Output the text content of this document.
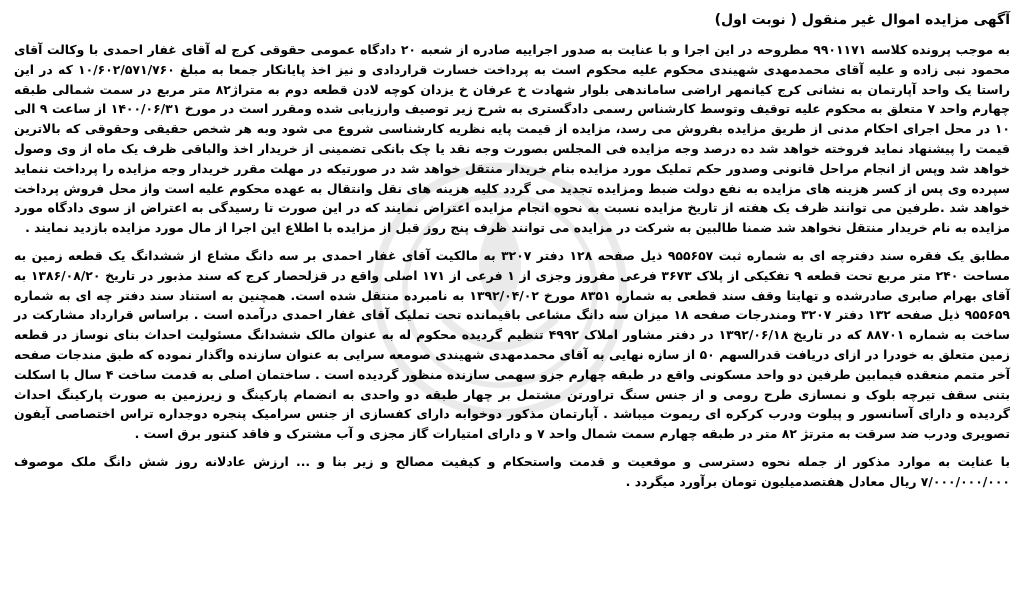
آگهی مزایده اموال غیر منقول ( نوبت اول)

به موجب پرونده کلاسه ۹۹۰۱۱۷۱ مطروحه در این اجرا و با عنایت به صدور اجراییه صادره از شعبه ۲۰ دادگاه عمومی حقوقی کرج له آقای غفار احمدی با وکالت آقای محمود نبی زاده و علیه آقای محمدمهدی شهیندی محکوم علیه محکوم است به پرداخت خسارت قراردادی و نیز اخذ پایانکار جمعا به مبلغ ۱۰/۶۰۲/۵۷۱/۷۶۰ که در این راستا یک واحد آپارتمان به نشانی کرج کیانمهر اراضی ساماندهی بلوار شهادت خ عرفان خ یزدان کوچه لادن قطعه دوم به متراژ۸۲ متر مربع در سمت شمالی طبقه چهارم واحد ۷ متعلق به محکوم علیه توقیف وتوسط کارشناس رسمی دادگستری به شرح زیر توصیف وارزیابی شده ومقرر است در مورخ ۱۴۰۰/۰۶/۳۱ از ساعت ۹ الی ۱۰ در محل اجرای احکام مدنی از طریق مزایده بفروش می رسد، مزایده از قیمت پایه نظریه کارشناسی شروع می شود وبه هر شخص حقیقی وحقوقی که بالاترین قیمت را پیشنهاد نماید فروخته خواهد شد ده درصد وجه مزایده فی المجلس بصورت وجه نقد یا چک بانکی تضمینی از خریدار اخذ والباقی ظرف یک ماه از وی وصول خواهد شد وپس از انجام مراحل قانونی وصدور حکم تملیک مورد مزایده بنام خریدار منتقل خواهد شد در صورتیکه در مهلت مقرر خریدار وجه مزایده را پرداخت ننماید سپرده وی پس از کسر هزینه های مزایده به نفع دولت ضبط ومزایده تجدید می گردد کلیه هزینه های نقل وانتقال به عهده محکوم علیه است واز محل فروش پرداخت خواهد شد .طرفین می توانند ظرف یک هفته از تاریخ مزایده نسبت به نحوه انجام مزایده اعتراض نمایند که در این صورت تا رسیدگی به اعتراض از سوی دادگاه مورد مزایده به نام خریدار منتقل نخواهد شد ضمنا طالبین به شرکت در مزایده می توانند ظرف پنج روز قبل از مزایده با اطلاع این اجرا از مال مورد مزایده بازدید نمایند .

مطابق یک فقره سند دفترچه ای به شماره ثبت ۹۵۵۶۵۷ ذیل صفحه ۱۲۸ دفتر ۳۲۰۷ به مالکیت آقای غفار احمدی بر سه دانگ مشاع از ششدانگ یک قطعه زمین به مساحت ۲۴۰ متر مربع تحت قطعه ۹ تفکیکی از پلاک ۳۶۷۳ فرعی مفروز وجزی از ۱ فرعی از ۱۷۱ اصلی واقع در قزلحصار کرج که سند مذبور در تاریخ ۱۳۸۶/۰۸/۲۰ به آقای بهرام صابری صادرشده و تهایتا وقف سند قطعی به شماره ۸۳۵۱ مورخ ۱۳۹۲/۰۴/۰۲ به نامبرده منتقل شده است. همچنین به استناد سند دفتر چه ای به شماره ۹۵۵۶۵۹ ذیل صفحه ۱۳۲ دفتر ۳۲۰۷ ومندرجات صفحه ۱۸ میزان سه دانگ مشاعی باقیمانده تحت تملیک آقای غفار احمدی درآمده است . براساس قرارداد مشارکت در ساخت به شماره ۸۸۷۰۱ که در تاریخ ۱۳۹۲/۰۶/۱۸ در دفتر مشاور املاک ۴۹۹۲ تنظیم گردیده محکوم له به عنوان مالک ششدانگ مسئولیت احداث بنای نوساز در قطعه زمین متعلق به خودرا در ازای دریافت قدرالسهم ۵۰ از سازه نهایی به آقای محمدمهدی شهیندی صومعه سرایی به عنوان سازنده واگذار نموده که طبق مندجات صفحه آخر متمم منعقده فیمابین طرفین دو واحد مسکونی واقع در طبقه چهارم جزو سهمی سازنده منظور گردیده است . ساختمان اصلی به قدمت ساخت ۴ سال با اسکلت بتنی سقف تیرچه بلوک و نمسازی طرح رومی و از جنس سنگ تراورتن مشتمل بر چهار طبقه دو واحدی به انضمام پارکینگ و زیرزمین به صورت پارکینگ احداث گردیده و دارای آسانسور و پیلوت ودرب کرکره ای ریموت میباشد . آپارتمان مذکور دوخوابه دارای کفسازی از جنس سرامیک پنجره دوجداره تراس اختصاصی آیفون تصویری ودرب ضد سرقت به مترتژ ۸۲ متر در طبقه چهارم سمت شمال واحد ۷ و دارای امتیارات گاز مجزی و آب مشترک و فاقد کنتور برق است .

با عنایت به موارد مذکور از جمله نحوه دسترسی و موقعیت و قدمت واستحکام و کیفیت مصالح و زیر بنا و ... ارزش عادلانه روز شش دانگ ملک موصوف ۷/۰۰۰/۰۰۰/۰۰۰ ریال معادل هفتصدمیلیون تومان برآورد میگردد .
